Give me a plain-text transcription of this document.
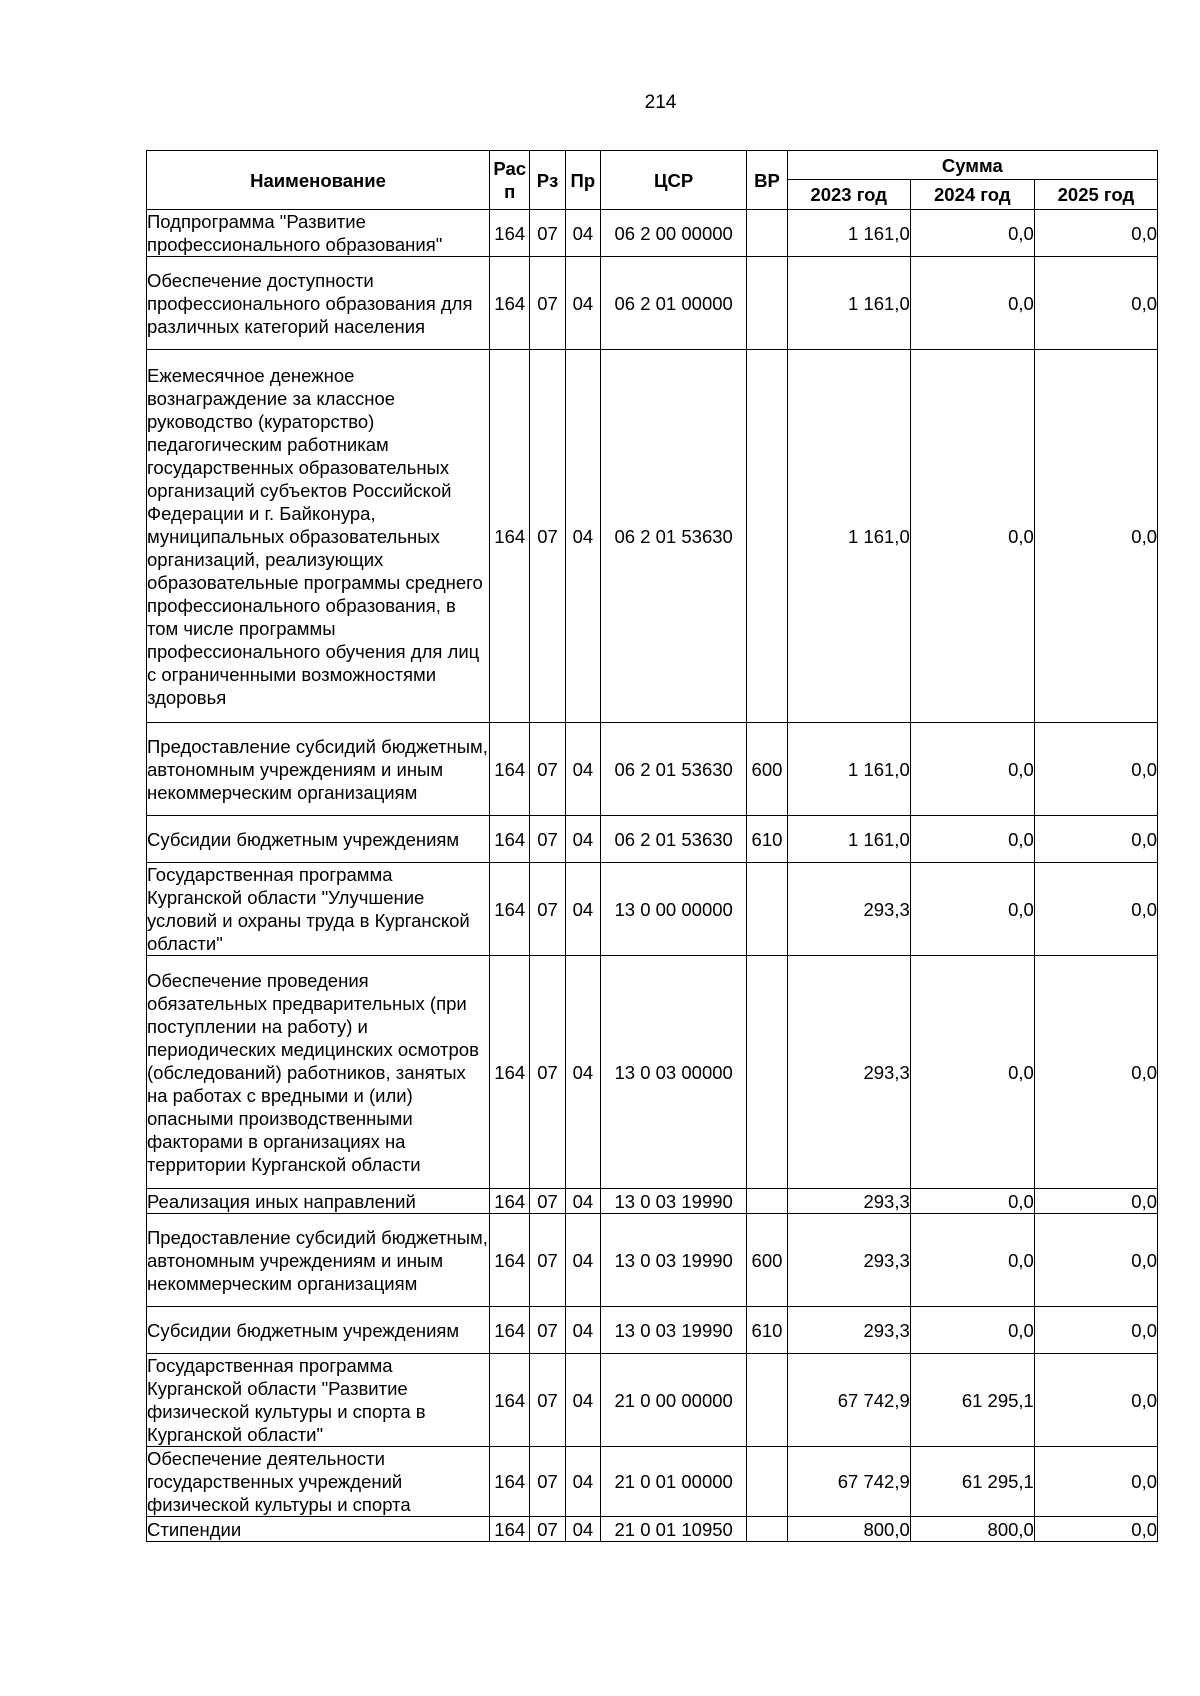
214
Наименование	Рас п	Рз	Пр	ЦСР	ВР	Сумма		
						2023 год	2024 год	2025 год
Подпрограмма "Развитие профессионального образования"	164	07	04	06 2 00 00000		1 161,0	0,0	0,0
Обеспечение доступности профессионального образования для различных категорий населения	164	07	04	06 2 01 00000		1 161,0	0,0	0,0
Ежемесячное денежное вознаграждение за классное руководство (кураторство) педагогическим работникам государственных образовательных организаций субъектов Российской Федерации и г. Байконура, муниципальных образовательных организаций, реализующих образовательные программы среднего профессионального образования, в том числе программы профессионального обучения для лиц с ограниченными возможностями здоровья	164	07	04	06 2 01 53630		1 161,0	0,0	0,0
Предоставление субсидий бюджетным, автономным учреждениям и иным некоммерческим организациям	164	07	04	06 2 01 53630	600	1 161,0	0,0	0,0
Субсидии бюджетным учреждениям	164	07	04	06 2 01 53630	610	1 161,0	0,0	0,0
Государственная программа Курганской области "Улучшение условий и охраны труда в Курганской области"	164	07	04	13 0 00 00000		293,3	0,0	0,0
Обеспечение проведения обязательных предварительных (при поступлении на работу) и периодических медицинских осмотров (обследований) работников, занятых на работах с вредными и (или) опасными производственными факторами в организациях на территории Курганской области	164	07	04	13 0 03 00000		293,3	0,0	0,0
Реализация иных направлений	164	07	04	13 0 03 19990		293,3	0,0	0,0
Предоставление субсидий бюджетным, автономным учреждениям и иным некоммерческим организациям	164	07	04	13 0 03 19990	600	293,3	0,0	0,0
Субсидии бюджетным учреждениям	164	07	04	13 0 03 19990	610	293,3	0,0	0,0
Государственная программа Курганской области "Развитие физической культуры и спорта в Курганской области"	164	07	04	21 0 00 00000		67 742,9	61 295,1	0,0
Обеспечение деятельности государственных учреждений физической культуры и спорта	164	07	04	21 0 01 00000		67 742,9	61 295,1	0,0
Стипендии	164	07	04	21 0 01 10950		800,0	800,0	0,0
